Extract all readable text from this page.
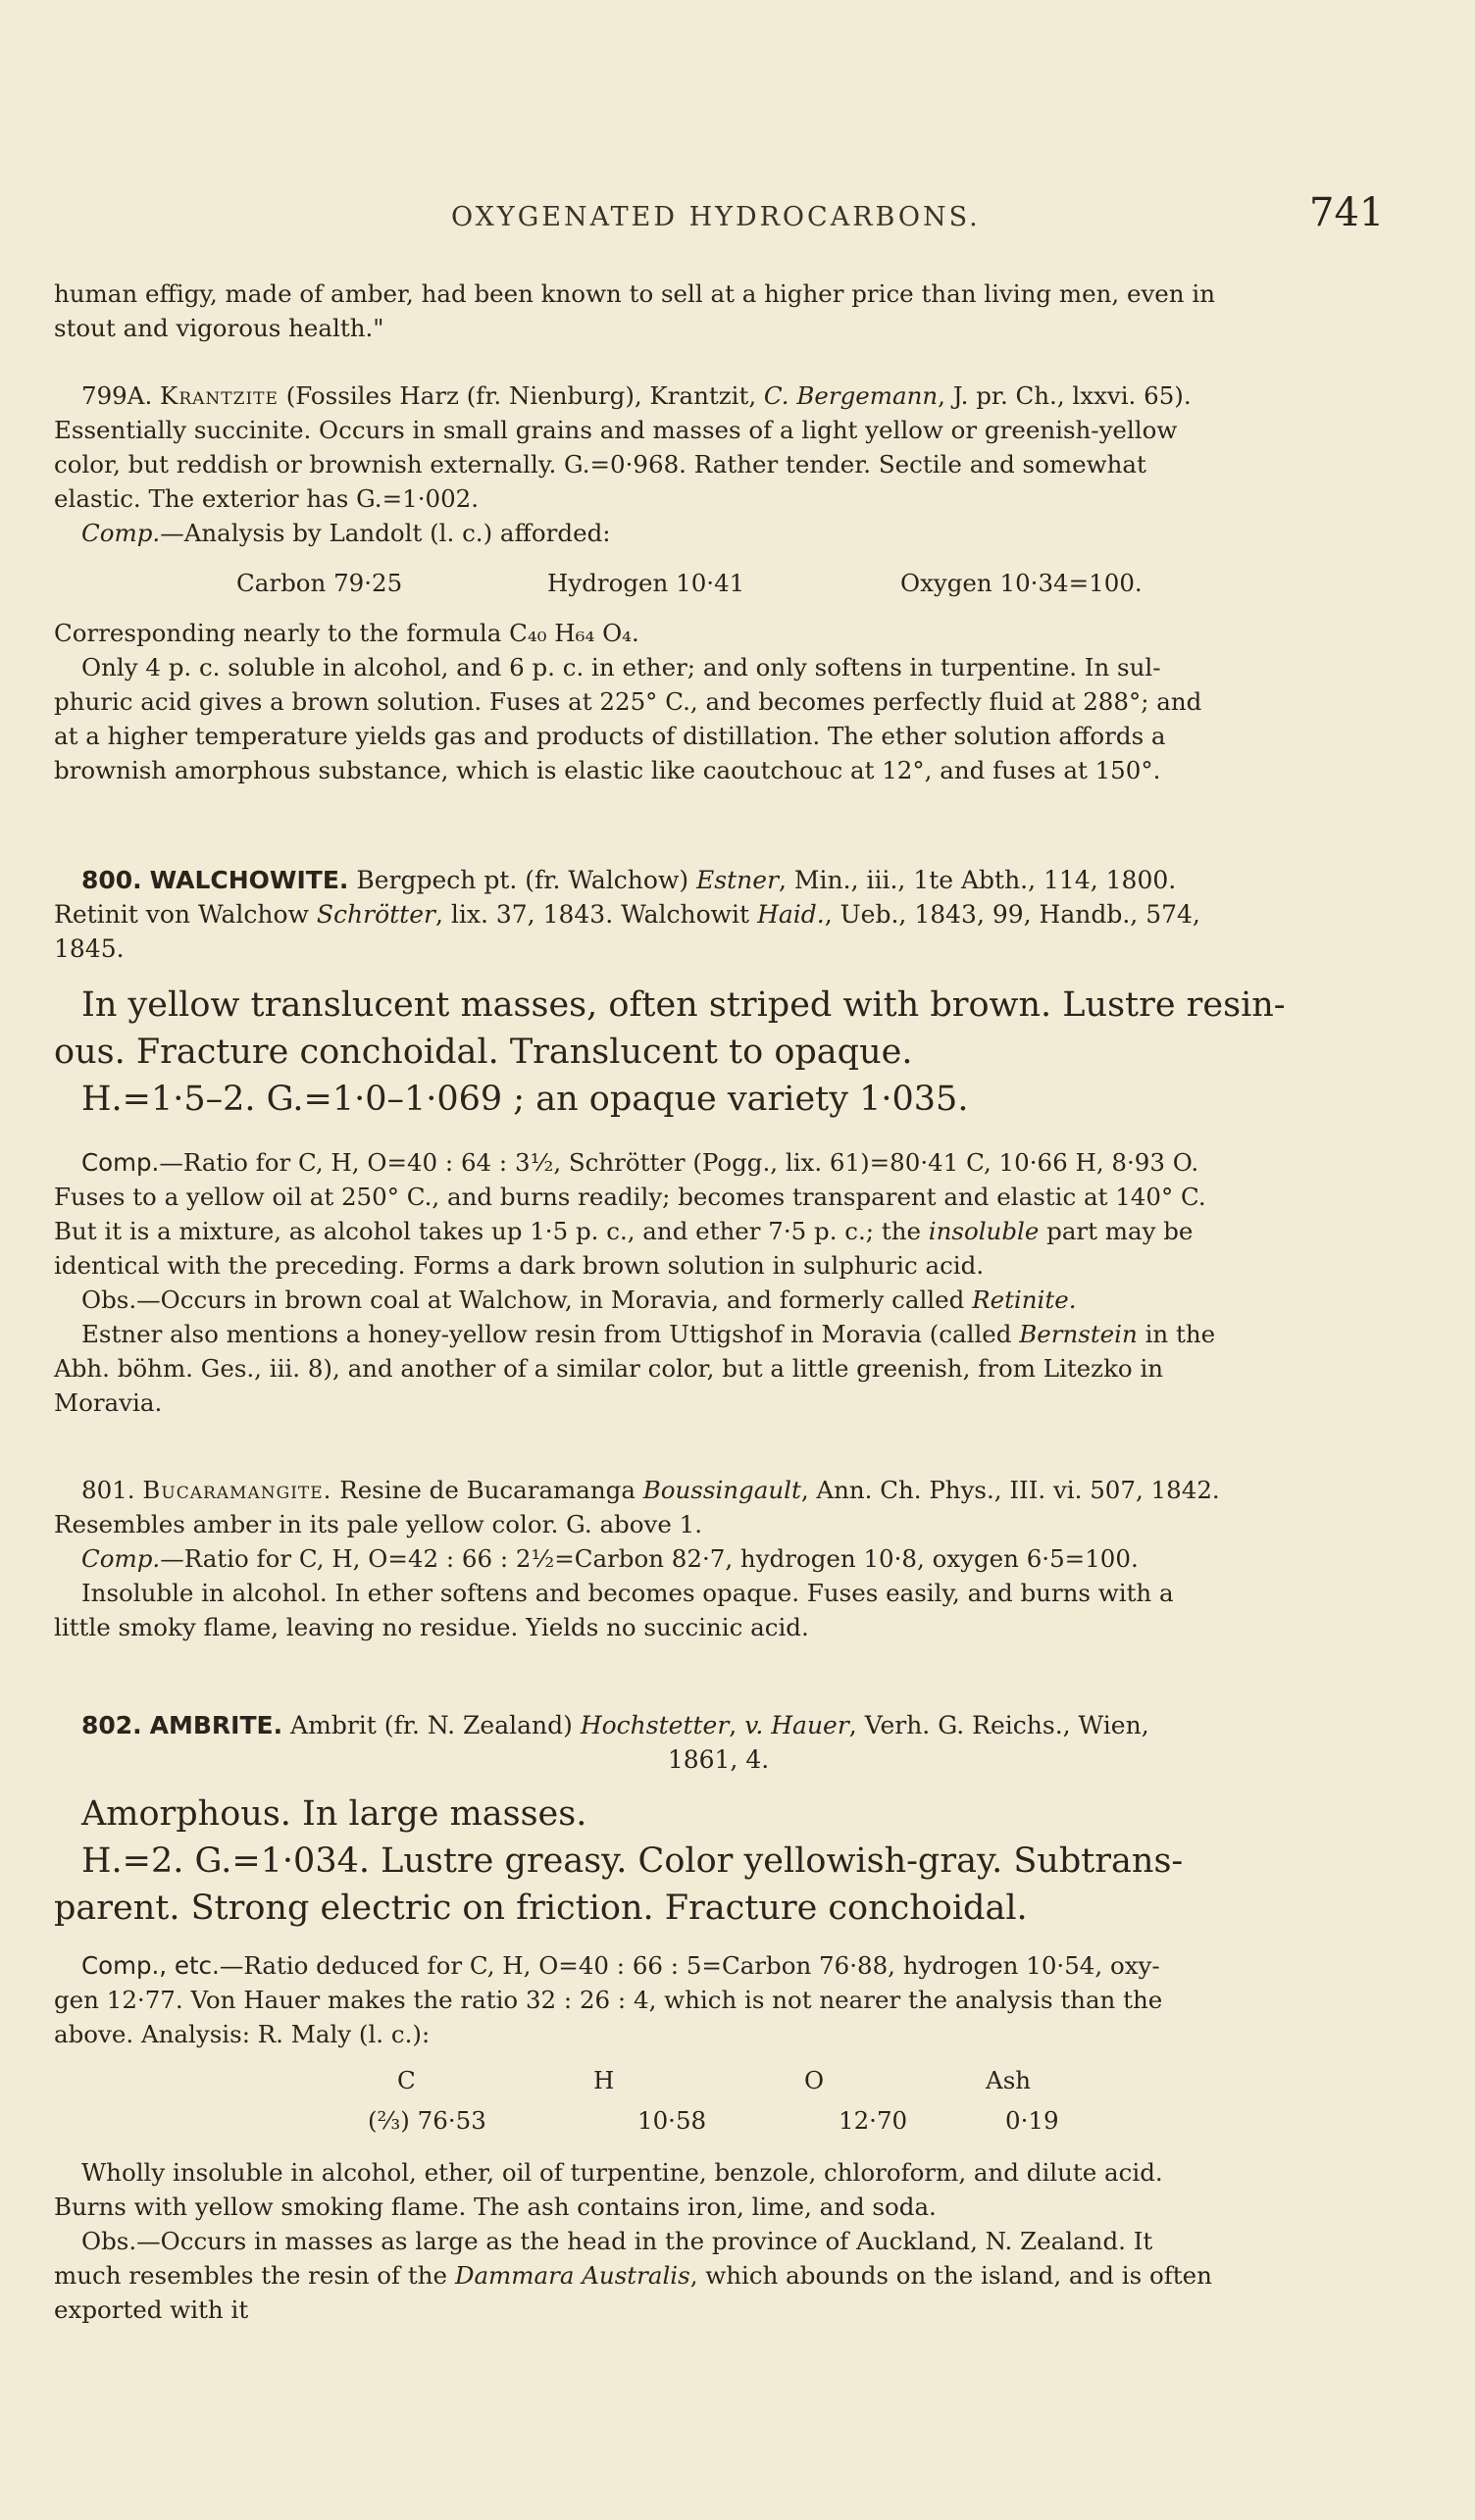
OXYGENATED HYDROCARBONS.	741
human effigy, made of amber, had been known to sell at a higher price than living men, even in
stout and vigorous health."
799A. Krantzite (Fossiles Harz (fr. Nienburg), Krantzit, C. Bergemann, J. pr. Ch., lxxvi. 65).
Essentially succinite. Occurs in small grains and masses of a light yellow or greenish-yellow
color, but reddish or brownish externally. G.=0·968. Rather tender. Sectile and somewhat
elastic. The exterior has G.=1·002.
Comp.—Analysis by Landolt (l. c.) afforded:
Carbon 79·25	Hydrogen 10·41	Oxygen 10·34=100.
Corresponding nearly to the formula C₄₀ H₆₄ O₄.
Only 4 p. c. soluble in alcohol, and 6 p. c. in ether; and only softens in turpentine. In sul-
phuric acid gives a brown solution. Fuses at 225° C., and becomes perfectly fluid at 288°; and
at a higher temperature yields gas and products of distillation. The ether solution affords a
brownish amorphous substance, which is elastic like caoutchouc at 12°, and fuses at 150°.
800. WALCHOWITE. Bergpech pt. (fr. Walchow) Estner, Min., iii., 1te Abth., 114, 1800.
Retinit von Walchow Schrötter, lix. 37, 1843. Walchowit Haid., Ueb., 1843, 99, Handb., 574,
1845.
In yellow translucent masses, often striped with brown. Lustre resin-
ous. Fracture conchoidal. Translucent to opaque.
H.=1·5–2. G.=1·0–1·069 ; an opaque variety 1·035.
Comp.—Ratio for C, H, O=40 : 64 : 3½, Schrötter (Pogg., lix. 61)=80·41 C, 10·66 H, 8·93 O.
Fuses to a yellow oil at 250° C., and burns readily; becomes transparent and elastic at 140° C.
But it is a mixture, as alcohol takes up 1·5 p. c., and ether 7·5 p. c.; the insoluble part may be
identical with the preceding. Forms a dark brown solution in sulphuric acid.
Obs.—Occurs in brown coal at Walchow, in Moravia, and formerly called Retinite.
Estner also mentions a honey-yellow resin from Uttigshof in Moravia (called Bernstein in the
Abh. böhm. Ges., iii. 8), and another of a similar color, but a little greenish, from Litezko in
Moravia.
801. Bucaramangite. Resine de Bucaramanga Boussingault, Ann. Ch. Phys., III. vi. 507, 1842.
Resembles amber in its pale yellow color. G. above 1.
Comp.—Ratio for C, H, O=42 : 66 : 2½=Carbon 82·7, hydrogen 10·8, oxygen 6·5=100.
Insoluble in alcohol. In ether softens and becomes opaque. Fuses easily, and burns with a
little smoky flame, leaving no residue. Yields no succinic acid.
802. AMBRITE. Ambrit (fr. N. Zealand) Hochstetter, v. Hauer, Verh. G. Reichs., Wien,
1861, 4.
Amorphous. In large masses.
H.=2. G.=1·034. Lustre greasy. Color yellowish-gray. Subtrans-
parent. Strong electric on friction. Fracture conchoidal.
Comp., etc.—Ratio deduced for C, H, O=40 : 66 : 5=Carbon 76·88, hydrogen 10·54, oxy-
gen 12·77. Von Hauer makes the ratio 32 : 26 : 4, which is not nearer the analysis than the
above. Analysis: R. Maly (l. c.):
C	H	O	Ash
(⅔) 76·53	10·58	12·70	0·19
Wholly insoluble in alcohol, ether, oil of turpentine, benzole, chloroform, and dilute acid.
Burns with yellow smoking flame. The ash contains iron, lime, and soda.
Obs.—Occurs in masses as large as the head in the province of Auckland, N. Zealand. It
much resembles the resin of the Dammara Australis, which abounds on the island, and is often
exported with it
